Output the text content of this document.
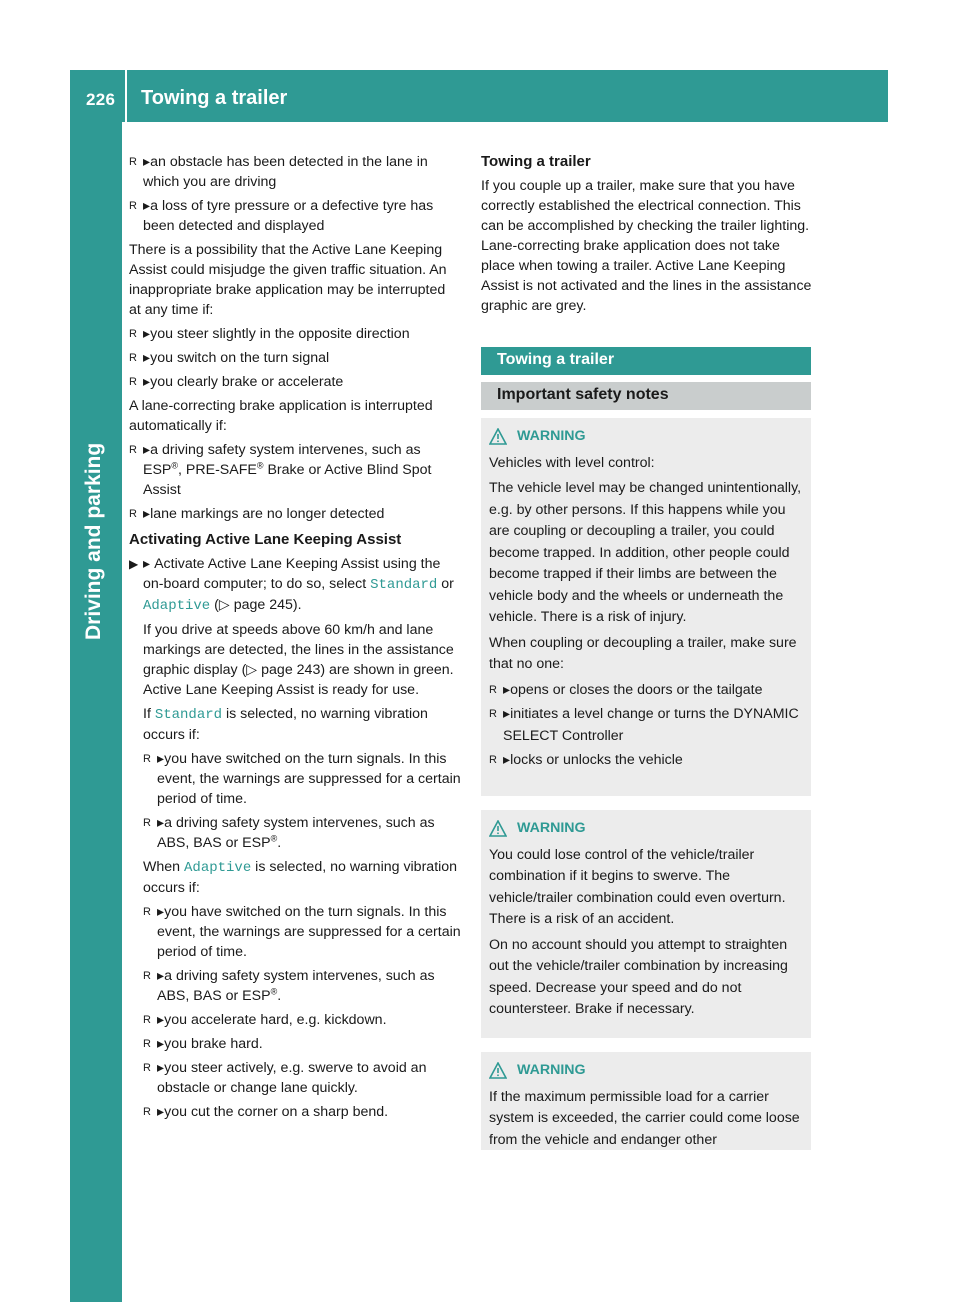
226 Towing a trailer
Driving and parking
▸ R an obstacle has been detected in the lane in which you are driving
▸ R a loss of tyre pressure or a defective tyre has been detected and displayed

There is a possibility that the Active Lane Keeping Assist could misjudge the given traffic situation. An inappropriate brake application may be interrupted at any time if:

▸ R you steer slightly in the opposite direction
▸ R you switch on the turn signal
▸ R you clearly brake or accelerate

A lane-correcting brake application is interrupted automatically if:

▸ R a driving safety system intervenes, such as ESP®, PRE-SAFE® Brake or Active Blind Spot Assist
▸ R lane markings are no longer detected
Activating Active Lane Keeping Assist

▸ ▶ Activate Active Lane Keeping Assist using the on-board computer; to do so, select Standard or Adaptive (▷ page 245).

If you drive at speeds above 60 km/h and lane markings are detected, the lines in the assistance graphic display (▷ page 243) are shown in green. Active Lane Keeping Assist is ready for use.

If Standard is selected, no warning vibration occurs if:

▸ R you have switched on the turn signals. In this event, the warnings are suppressed for a certain period of time.
▸ R a driving safety system intervenes, such as ABS, BAS or ESP®.

When Adaptive is selected, no warning vibration occurs if:

▸ R you have switched on the turn signals. In this event, the warnings are suppressed for a certain period of time.
▸ R a driving safety system intervenes, such as ABS, BAS or ESP®.
▸ R you accelerate hard, e.g. kickdown.
▸ R you brake hard.
▸ R you steer actively, e.g. swerve to avoid an obstacle or change lane quickly.
▸ R you cut the corner on a sharp bend.
Towing a trailer

If you couple up a trailer, make sure that you have correctly established the electrical connection. This can be accomplished by checking the trailer lighting. Lane-correcting brake application does not take place when towing a trailer. Active Lane Keeping Assist is not activated and the lines in the assistance graphic are grey.

Towing a trailer
Important safety notes
WARNING

Vehicles with level control:

The vehicle level may be changed unintentionally, e.g. by other persons. If this happens while you are coupling or decoupling a trailer, you could become trapped. In addition, other people could become trapped if their limbs are between the vehicle body and the wheels or underneath the vehicle. There is a risk of injury.

When coupling or decoupling a trailer, make sure that no one:

▸ R opens or closes the doors or the tailgate
▸ R initiates a level change or turns the DYNAMIC SELECT Controller
▸ R locks or unlocks the vehicle
WARNING

You could lose control of the vehicle/trailer combination if it begins to swerve. The vehicle/trailer combination could even overturn. There is a risk of an accident.

On no account should you attempt to straighten out the vehicle/trailer combination by increasing speed. Decrease your speed and do not countersteer. Brake if necessary.

WARNING

If the maximum permissible load for a carrier system is exceeded, the carrier could come loose from the vehicle and endanger other
